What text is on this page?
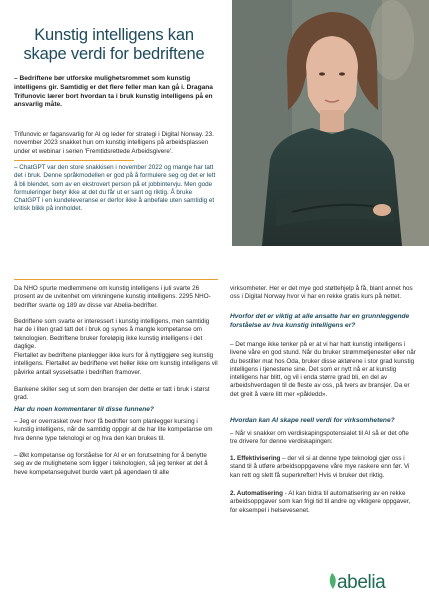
Kunstig intelligens kan skape verdi for bedriftene

– Bedriftene bør utforske mulighetsrommet som kunstig intelligens gir. Samtidig er det flere feller man kan gå i. Dragana Trifunovic lærer bort hvordan ta i bruk kunstig intelligens på en ansvarlig måte.

Trifunovic er fagansvarlig for AI og leder for strategi i Digital Norway. 23. november 2023 snakket hun om kunstig intelligens på arbeidsplassen under et webinar i serien 'Fremtidsrettede Arbeidsgivere'.

– ChatGPT var den store snakkisen i november 2022 og mange har tatt det i bruk. Denne språkmodellen er god på å formulere seg og det er lett å bli blendet, som av en ekstrovert person på et jobbintervju. Men gode formuleringer betyr ikke at det du får ut er sant og riktig. Å bruke ChatGPT i en kundeleveranse er derfor ikke å anbefale uten samtidig et kritisk blikk på innholdet.

Da NHO spurte medlemmene om kunstig intelligens i juli svarte 26 prosent av de uvitenhet om virkningene kunstig intelligens. 2295 NHO-bedrifter svarte og 189 av disse var Abelia-bedrifter.

Bedriftene som svarte er interessert i kunstig intelligens, men samtidig har de i liten grad tatt det i bruk og synes å mangle kompetanse om teknologien. Bedriftene bruker foreløpig ikke kunstig intelligens i det daglige.

Flertallet av bedriftene planlegger ikke kurs for å nyttiggjøre seg kunstig intelligens. Flertallet av bedriftene vet heller ikke om kunstig intelligens vil påvirke antall sysselsatte i bedriften framover.

Bankene skiller seg ut som den bransjen der dette er tatt i bruk i størst grad.

Har du noen kommentarer til disse funnene?

– Jeg er overrasket over hvor få bedrifter som planlegger kursing i kunstig intelligens, når de samtidig oppgir at de har lite kompetanse om hva denne type teknologi er og hva den kan brukes til.

– Økt kompetanse og forståelse for AI er en forutsetning for å benytte seg av de mulighetene som ligger i teknologien, så jeg tenker at det å heve kompetansegulvet burde vært på agendaen til alle

virksomheter. Her er det mye god støttehjelp å få, blant annet hos oss i Digital Norway hvor vi har en rekke gratis kurs på nettet.

Hvorfor det er viktig at alle ansatte har en grunnleggende forståelse av hva kunstig intelligens er?

– Det mange ikke tenker på er at vi har hatt kunstig intelligens i livene våre en god stund. Når du bruker strømmetjenester eller når du bestiller mat hos Oda, bruker disse aktørene i stor grad kunstig intelligens i tjenestene sine. Det som er nytt nå er at kunstig intelligens har blitt, og vil i enda større grad bli, en del av arbeidshverdagen til de fleste av oss, på tvers av bransjer. Da er det greit å være litt mer «påkledd».

Hvordan kan AI skape reell verdi for virksomhetene?

– Når vi snakker om verdiskapingspotensialet til AI så er det ofte tre drivere for denne verdiskapingen:

1. Effektivisering – der vil si at denne type teknologi gjør oss i stand til å utføre arbeidsoppgavene våre mye raskere enn før. Vi kan rett og slett få superkrefter! Hvis vi bruker det riktig.

2. Automatisering - AI kan bidra til automatisering av en rekke arbeidsoppgaver som kan frigi tid til andre og viktigere oppgaver, for eksempel i helsevesenet.

abelia
